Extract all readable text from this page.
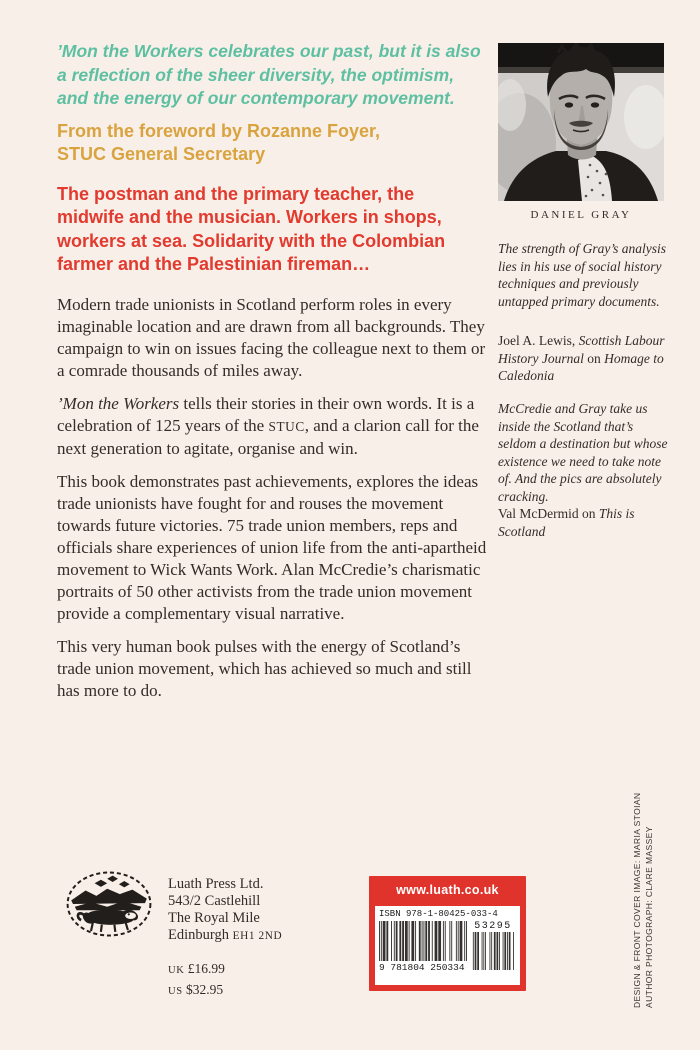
’Mon the Workers celebrates our past, but it is also a reflection of the sheer diversity, the optimism, and the energy of our contemporary movement.

From the foreword by Rozanne Foyer,
STUC General Secretary

The postman and the primary teacher, the midwife and the musician. Workers in shops, workers at sea. Solidarity with the Colombian farmer and the Palestinian fireman…

Modern trade unionists in Scotland perform roles in every imaginable location and are drawn from all backgrounds. They campaign to win on issues facing the colleague next to them or a comrade thousands of miles away.

’Mon the Workers tells their stories in their own words. It is a celebration of 125 years of the STUC, and a clarion call for the next generation to agitate, organise and win.

This book demonstrates past achievements, explores the ideas trade unionists have fought for and rouses the movement towards future victories. 75 trade union members, reps and officials share experiences of union life from the anti-apartheid movement to Wick Wants Work. Alan McCredie’s charismatic portraits of 50 other activists from the trade union movement provide a complementary visual narrative.

This very human book pulses with the energy of Scotland’s trade union movement, which has achieved so much and still has more to do.

DANIEL GRAY

The strength of Gray’s analysis lies in his use of social history techniques and previously untapped primary documents.

Joel A. Lewis, Scottish Labour History Journal on Homage to Caledonia

McCredie and Gray take us inside the Scotland that’s seldom a destination but whose existence we need to take note of. And the pics are absolutely cracking.

Val McDermid on This is Scotland

Luath Press Ltd.
543/2 Castlehill
The Royal Mile
Edinburgh EH1 2ND
UK £16.99
US $32.95
www.luath.co.uk
ISBN 978-1-80425-033-4
9 781804 250334
53295	DESIGN & FRONT COVER IMAGE: MARIA STOIAN AUTHOR PHOTOGRAPH: CLARE MASSEY
